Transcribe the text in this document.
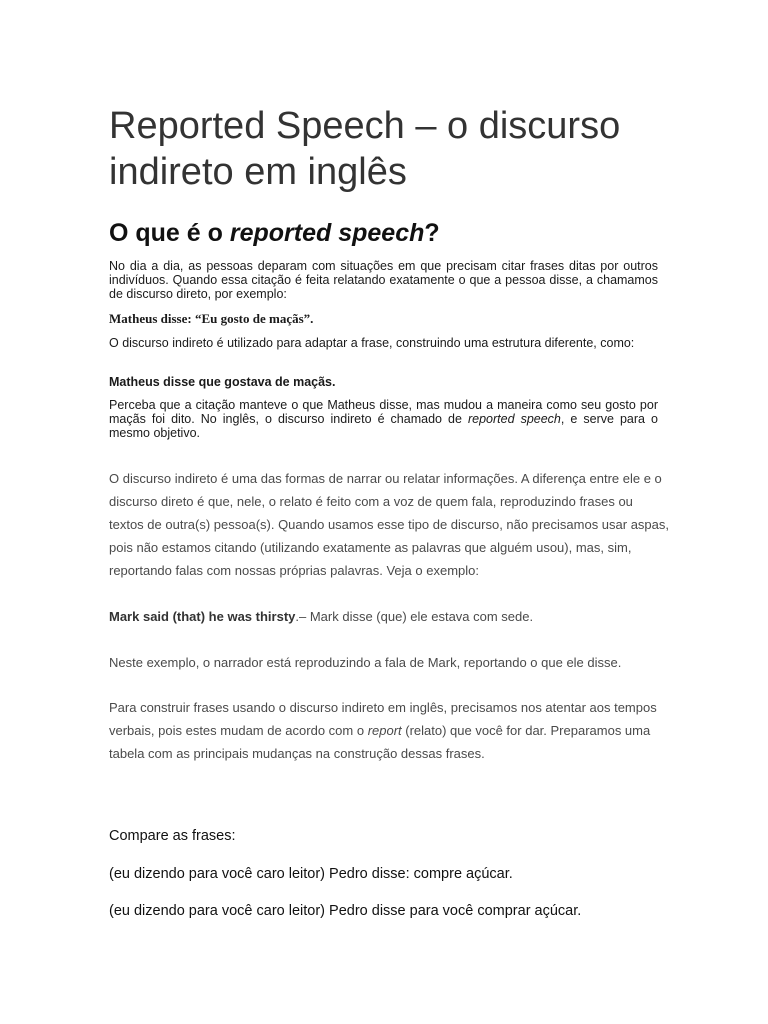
Reported Speech – o discurso indireto em inglês
O que é o reported speech?

No dia a dia, as pessoas deparam com situações em que precisam citar frases ditas por outros indivíduos. Quando essa citação é feita relatando exatamente o que a pessoa disse, a chamamos de discurso direto, por exemplo:

Matheus disse: “Eu gosto de maçãs”.

O discurso indireto é utilizado para adaptar a frase, construindo uma estrutura diferente, como:

Matheus disse que gostava de maçãs.

Perceba que a citação manteve o que Matheus disse, mas mudou a maneira como seu gosto por maçãs foi dito. No inglês, o discurso indireto é chamado de reported speech, e serve para o mesmo objetivo.

O discurso indireto é uma das formas de narrar ou relatar informações. A diferença entre ele e o discurso direto é que, nele, o relato é feito com a voz de quem fala, reproduzindo frases ou textos de outra(s) pessoa(s). Quando usamos esse tipo de discurso, não precisamos usar aspas, pois não estamos citando (utilizando exatamente as palavras que alguém usou), mas, sim, reportando falas com nossas próprias palavras. Veja o exemplo:

Mark said (that) he was thirsty.– Mark disse (que) ele estava com sede.

Neste exemplo, o narrador está reproduzindo a fala de Mark, reportando o que ele disse.

Para construir frases usando o discurso indireto em inglês, precisamos nos atentar aos tempos verbais, pois estes mudam de acordo com o report (relato) que você for dar. Preparamos uma tabela com as principais mudanças na construção dessas frases.

Compare as frases:

(eu dizendo para você caro leitor) Pedro disse: compre açúcar.

(eu dizendo para você caro leitor) Pedro disse para você comprar açúcar.
